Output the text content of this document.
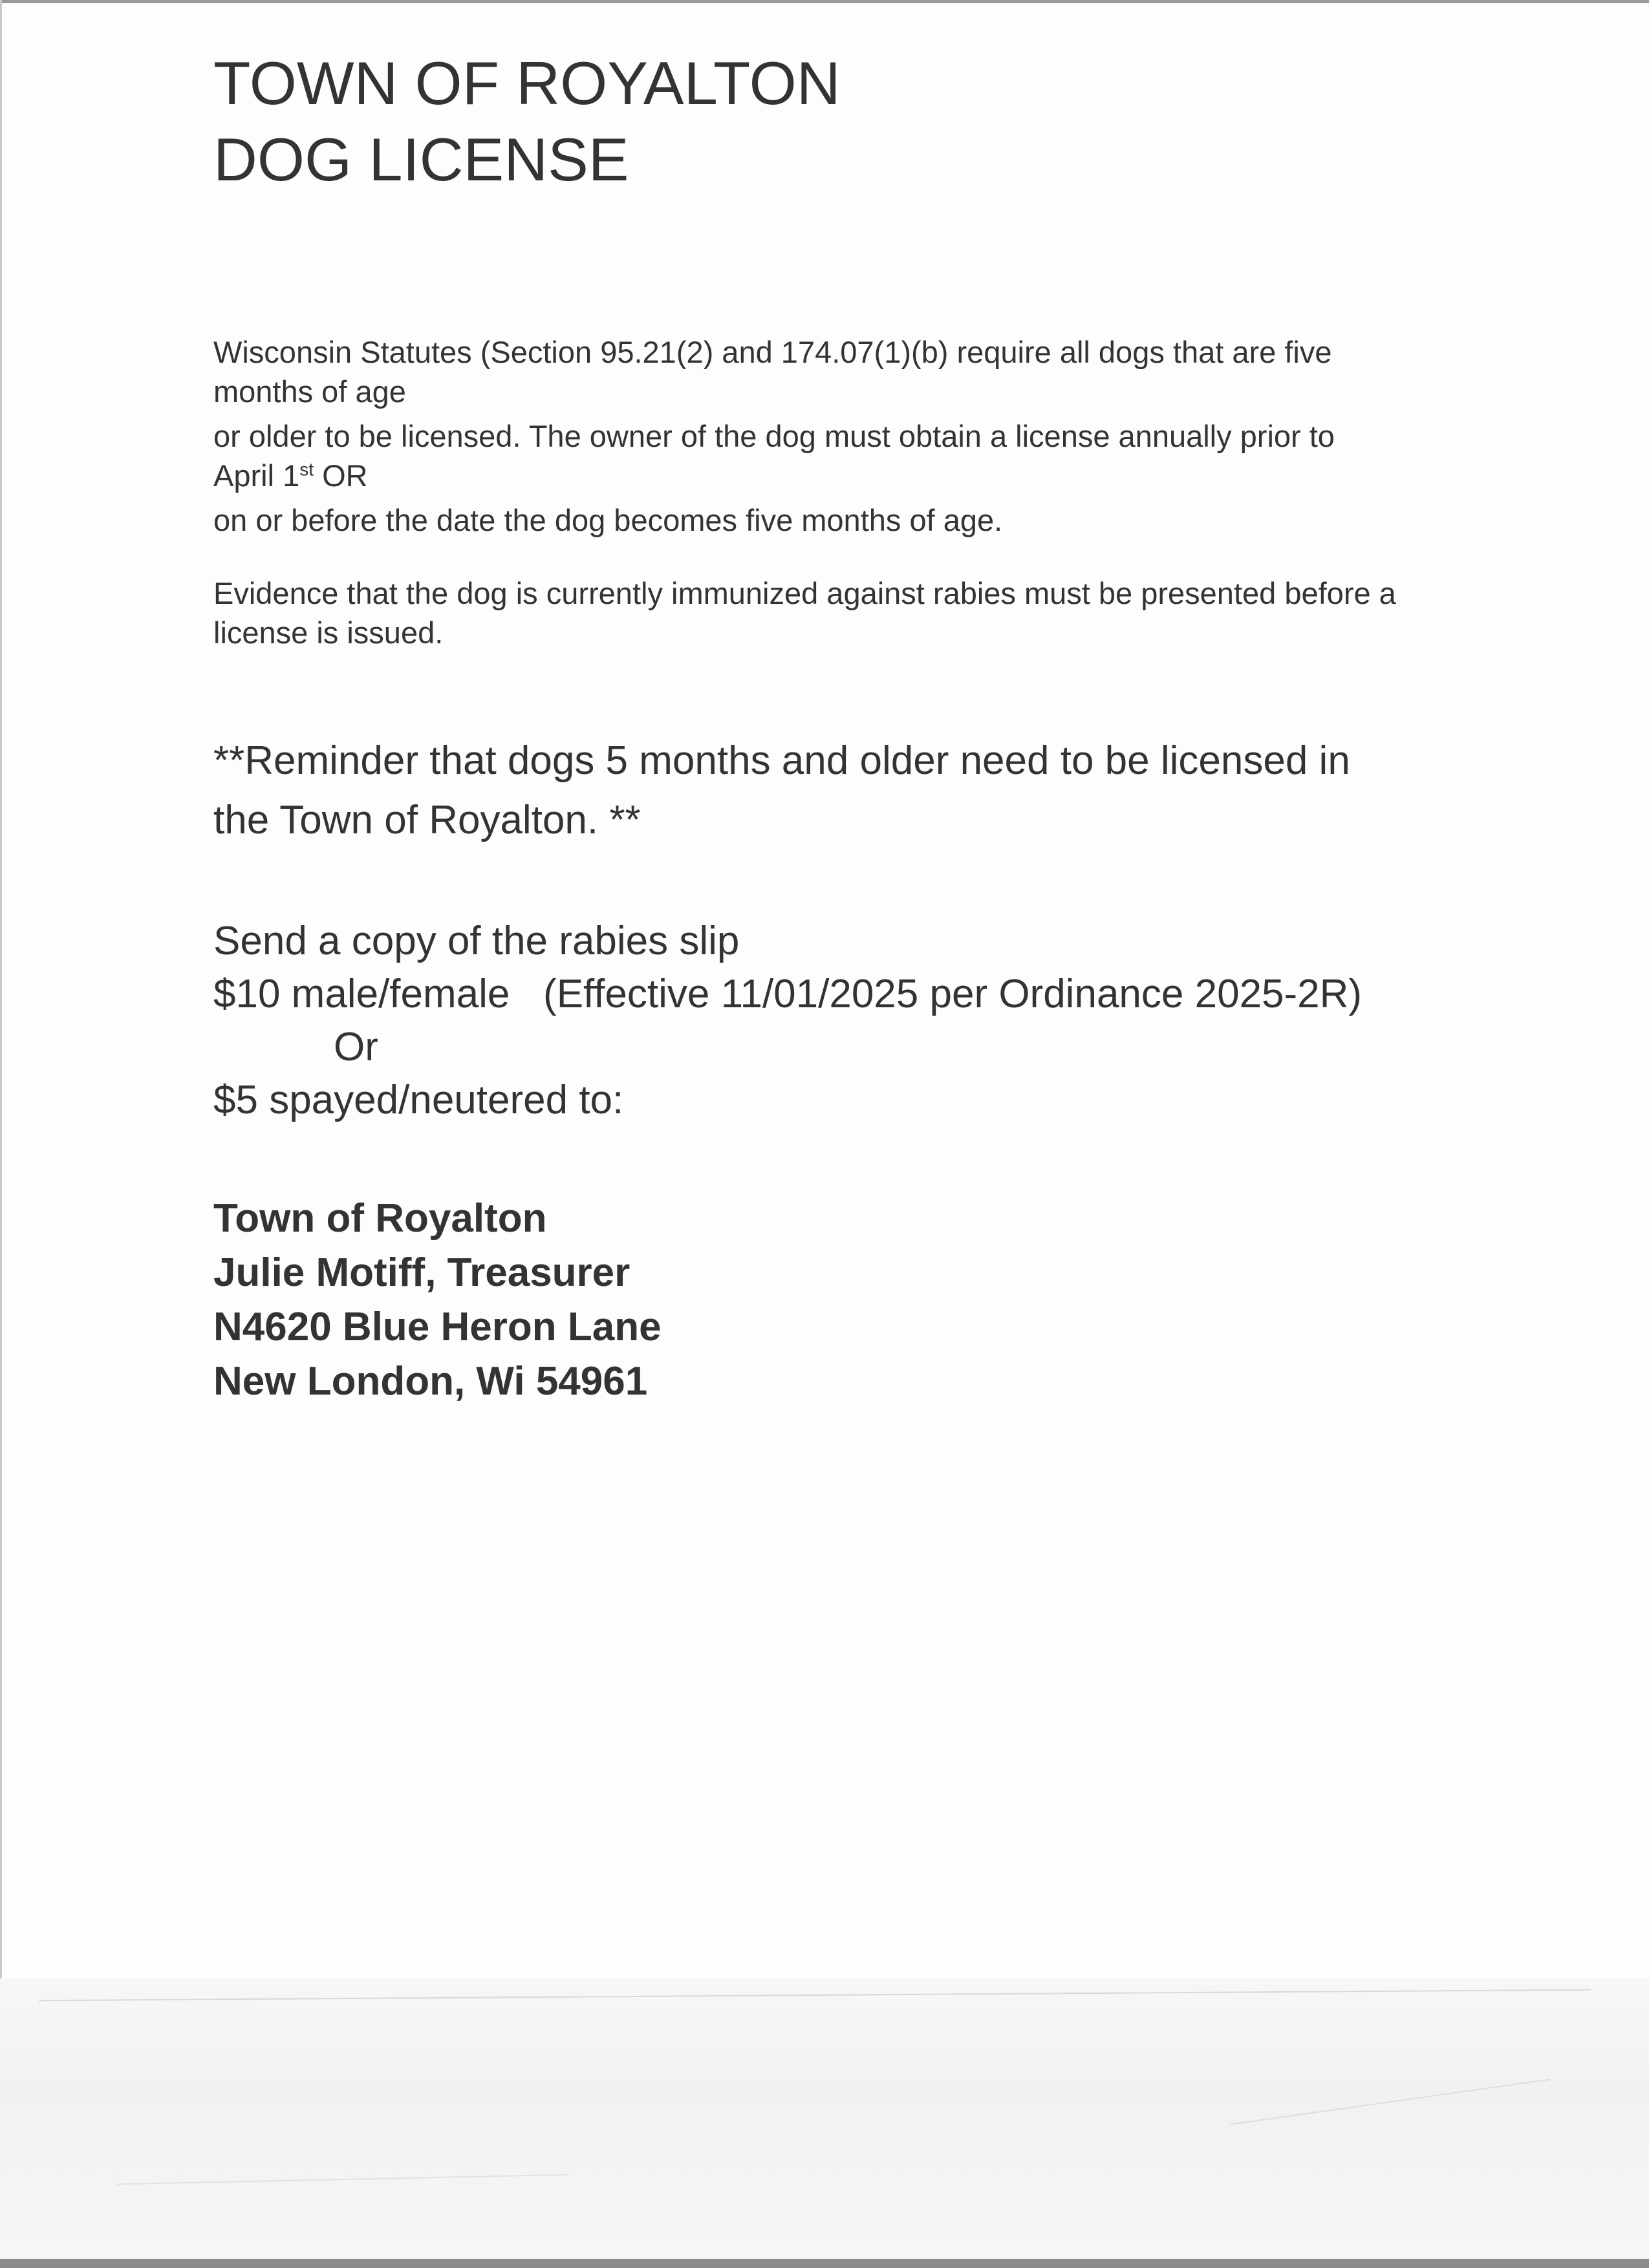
TOWN OF ROYALTON

DOG LICENSE

Wisconsin Statutes (Section 95.21(2) and 174.07(1)(b) require all dogs that are five

months of age

or older to be licensed. The owner of the dog must obtain a license annually prior to

April 1st OR

on or before the date the dog becomes five months of age.

Evidence that the dog is currently immunized against rabies must be presented before a

license is issued.

**Reminder that dogs 5 months and older need to be licensed in

the Town of Royalton. **

Send a copy of the rabies slip

$10 male/female   (Effective 11/01/2025 per Ordinance 2025-2R)

Or

$5 spayed/neutered to:

Town of Royalton

Julie Motiff, Treasurer

N4620 Blue Heron Lane

New London, Wi 54961
